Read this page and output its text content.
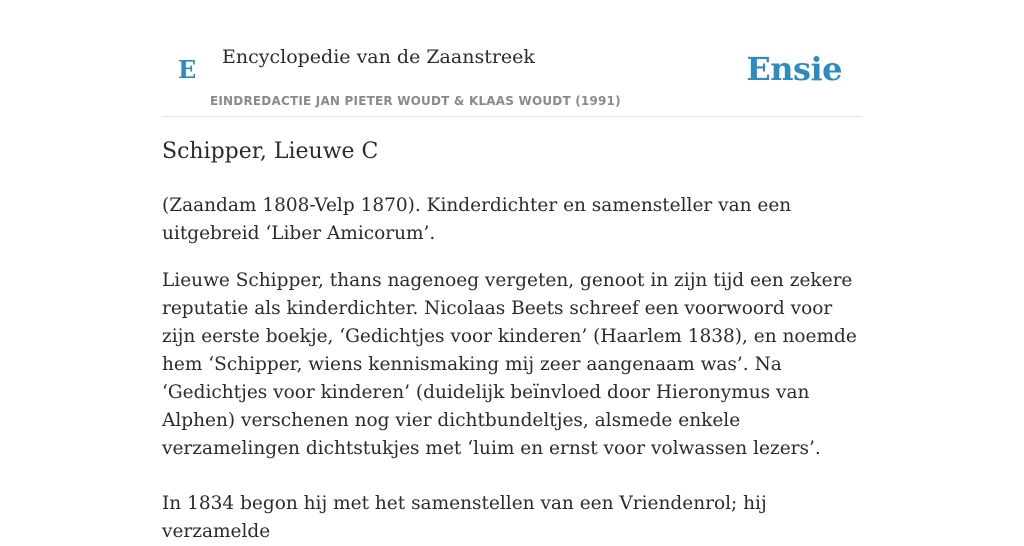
E Encyclopedie van de Zaanstreek
EINDREDACTIE JAN PIETER WOUDT & KLAAS WOUDT (1991)
Ensie
Schipper, Lieuwe C

(Zaandam 1808-Velp 1870). Kinderdichter en samensteller van een uitgebreid ‘Liber Amicorum’.

Lieuwe Schipper, thans nagenoeg vergeten, genoot in zijn tijd een zekere reputatie als kinderdichter. Nicolaas Beets schreef een voorwoord voor zijn eerste boekje, ‘Gedichtjes voor kinderen’ (Haarlem 1838), en noemde hem ‘Schipper, wiens kennismaking mij zeer aangenaam was’. Na ‘Gedichtjes voor kinderen’ (duidelijk beïnvloed door Hieronymus van Alphen) verschenen nog vier dichtbundeltjes, alsmede enkele verzamelingen dichtstukjes met ‘luim en ernst voor volwassen lezers’.

In 1834 begon hij met het samenstellen van een Vriendenrol; hij verzamelde
